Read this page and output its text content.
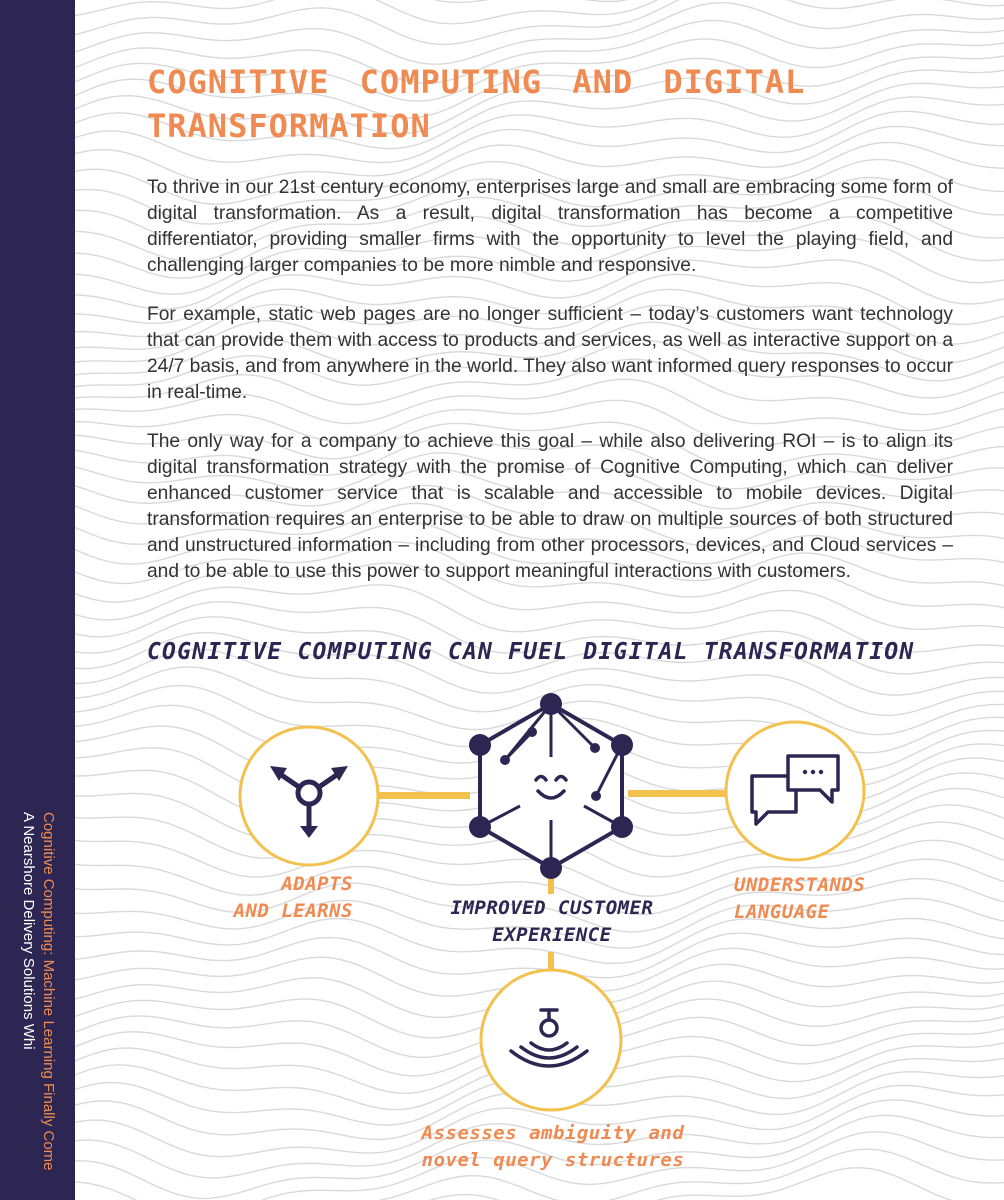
Cognitive Computing: Machine Learning Finally Come
A Nearshore Delivery Solutions Whi
COGNITIVE COMPUTING AND DIGITAL TRANSFORMATION

To thrive in our 21st century economy, enterprises large and small are embracing some form of digital transformation. As a result, digital transformation has become a competitive differentiator, providing smaller firms with the opportunity to level the playing field, and challenging larger companies to be more nimble and responsive.

For example, static web pages are no longer sufficient – today’s customers want technology that can provide them with access to products and services, as well as interactive support on a 24/7 basis, and from anywhere in the world. They also want informed query responses to occur in real-time.

The only way for a company to achieve this goal – while also delivering ROI – is to align its digital transformation strategy with the promise of Cognitive Computing, which can deliver enhanced customer service that is scalable and accessible to mobile devices. Digital transformation requires an enterprise to be able to draw on multiple sources of both structured and unstructured information – including from other processors, devices, and Cloud services – and to be able to use this power to support meaningful interactions with customers.

COGNITIVE COMPUTING CAN FUEL DIGITAL TRANSFORMATION
ADAPTS
AND LEARNS	IMPROVED CUSTOMER
EXPERIENCE
UNDERSTANDS
LANGUAGE
Assesses ambiguity and
novel query structures
